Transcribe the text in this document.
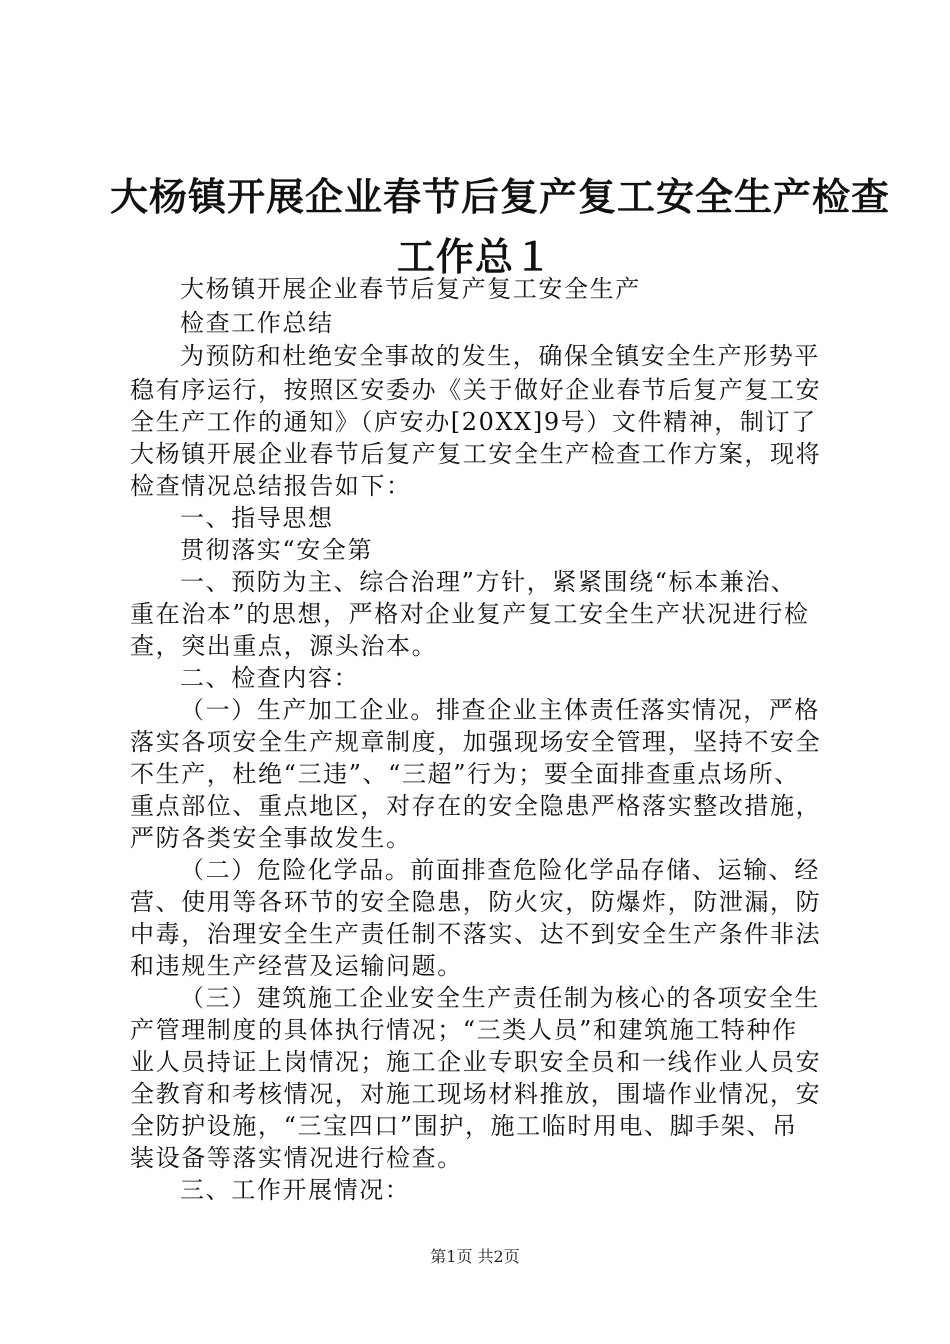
大杨镇开展企业春节后复产复工安全生产检查
工作总１
大杨镇开展企业春节后复产复工安全生产
检查工作总结
为预防和杜绝安全事故的发生，确保全镇安全生产形势平
稳有序运行，按照区安委办《关于做好企业春节后复产复工安
全生产工作的通知》（庐安办[20XX]9号）文件精神，制订了
大杨镇开展企业春节后复产复工安全生产检查工作方案，现将
检查情况总结报告如下：
一、指导思想
贯彻落实“安全第
一、预防为主、综合治理”方针，紧紧围绕“标本兼治、
重在治本”的思想，严格对企业复产复工安全生产状况进行检
查，突出重点，源头治本。
二、检查内容：
（一）生产加工企业。排查企业主体责任落实情况，严格
落实各项安全生产规章制度，加强现场安全管理，坚持不安全
不生产，杜绝“三违”、“三超”行为；要全面排查重点场所、
重点部位、重点地区，对存在的安全隐患严格落实整改措施，
严防各类安全事故发生。
（二）危险化学品。前面排查危险化学品存储、运输、经
营、使用等各环节的安全隐患，防火灾，防爆炸，防泄漏，防
中毒，治理安全生产责任制不落实、达不到安全生产条件非法
和违规生产经营及运输问题。
（三）建筑施工企业安全生产责任制为核心的各项安全生
产管理制度的具体执行情况；“三类人员”和建筑施工特种作
业人员持证上岗情况；施工企业专职安全员和一线作业人员安
全教育和考核情况，对施工现场材料推放，围墙作业情况，安
全防护设施，“三宝四口”围护，施工临时用电、脚手架、吊
装设备等落实情况进行检查。
三、工作开展情况：
第1页 共2页
